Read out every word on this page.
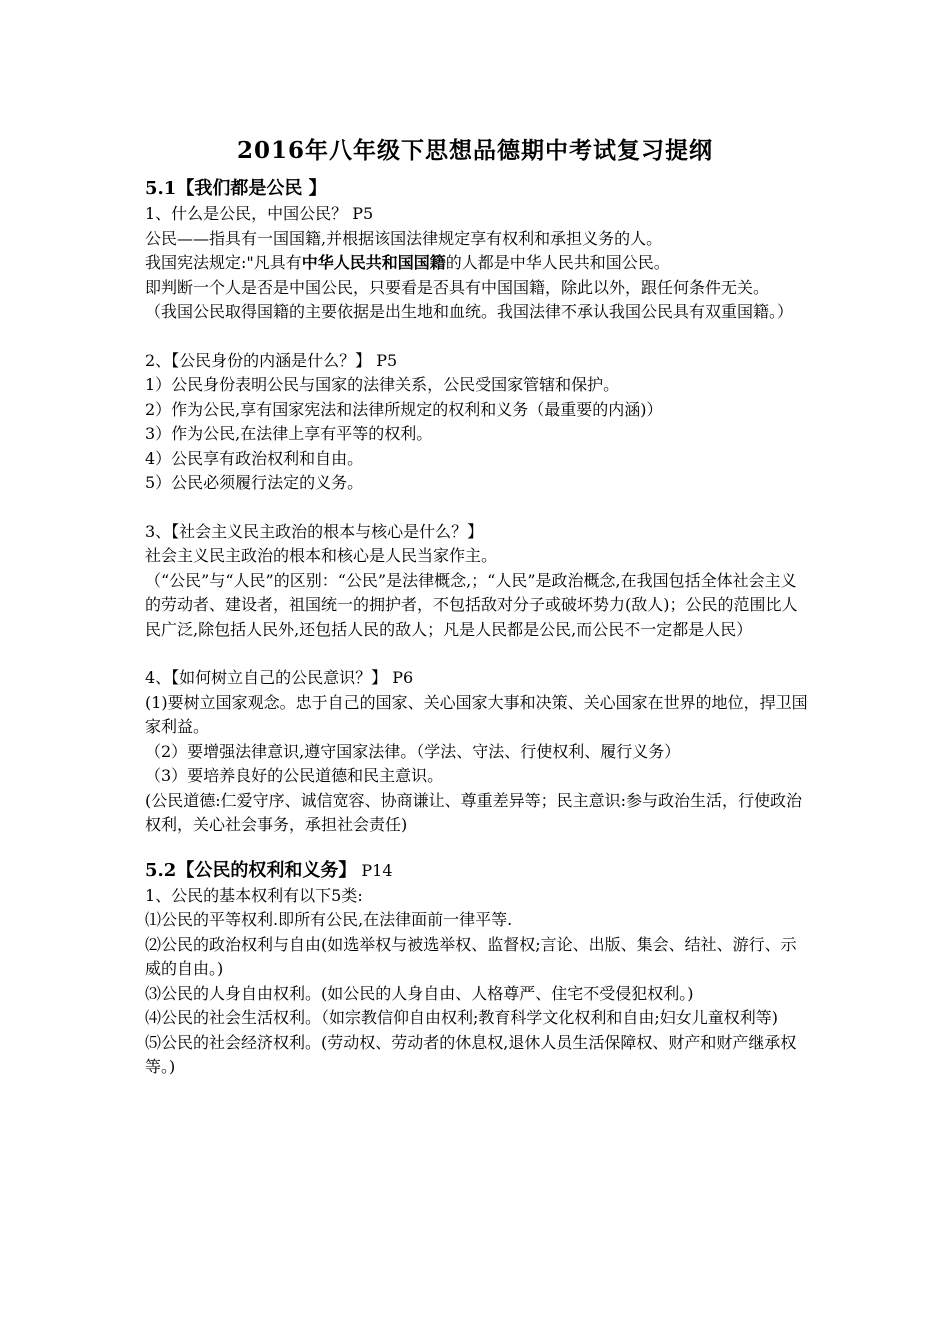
2016年八年级下思想品德期中考试复习提纲
5.1【我们都是公民 】
1、什么是公民，中国公民？ P5
公民——指具有一国国籍,并根据该国法律规定享有权利和承担义务的人。
我国宪法规定:"凡具有中华人民共和国国籍的人都是中华人民共和国公民。
即判断一个人是否是中国公民，只要看是否具有中国国籍，除此以外，跟任何条件无关。
（我国公民取得国籍的主要依据是出生地和血统。我国法律不承认我国公民具有双重国籍。）
2、【公民身份的内涵是什么？】 P5
1）公民身份表明公民与国家的法律关系，公民受国家管辖和保护。
2）作为公民,享有国家宪法和法律所规定的权利和义务（最重要的内涵)）
3）作为公民,在法律上享有平等的权利。
4）公民享有政治权利和自由。
5）公民必须履行法定的义务。
3、【社会主义民主政治的根本与核心是什么？】
社会主义民主政治的根本和核心是人民当家作主。
（“公民”与“人民”的区别：“公民”是法律概念,；“人民”是政治概念,在我国包括全体社会主义的劳动者、建设者，祖国统一的拥护者，不包括敌对分子或破坏势力(敌人)；公民的范围比人民广泛,除包括人民外,还包括人民的敌人；凡是人民都是公民,而公民不一定都是人民）
4、【如何树立自己的公民意识？】 P6
(1)要树立国家观念。忠于自己的国家、关心国家大事和决策、关心国家在世界的地位，捍卫国家利益。
（2）要增强法律意识,遵守国家法律。（学法、守法、行使权利、履行义务）
（3）要培养良好的公民道德和民主意识。
(公民道德:仁爱守序、诚信宽容、协商谦让、尊重差异等；民主意识:参与政治生活，行使政治权利，关心社会事务，承担社会责任)
5.2【公民的权利和义务】 P14
1、公民的基本权利有以下5类:
⑴公民的平等权利.即所有公民,在法律面前一律平等.
⑵公民的政治权利与自由(如选举权与被选举权、监督权;言论、出版、集会、结社、游行、示威的自由。)
⑶公民的人身自由权利。(如公民的人身自由、人格尊严、住宅不受侵犯权利。)
⑷公民的社会生活权利。（如宗教信仰自由权利;教育科学文化权利和自由;妇女儿童权利等)
⑸公民的社会经济权利。(劳动权、劳动者的休息权,退休人员生活保障权、财产和财产继承权等。)
